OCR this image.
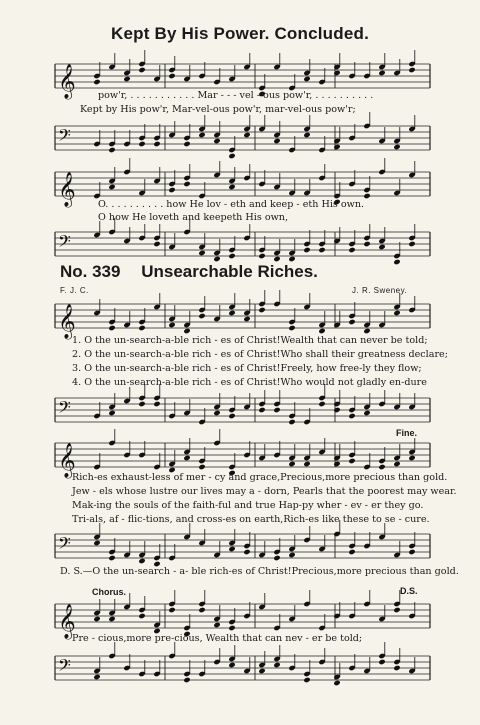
Kept By His Power. Concluded.
𝄞 pow'r, . . . . . . . . . . . Mar - - - vel - ous pow'r, . . . . . . . . . .
Kept by His pow'r, Mar-vel-ous pow'r, mar-vel-ous pow'r;
𝄢
𝄞 O. . . . . . . . . . how He lov - eth and keep - eth His own.
O how He loveth and keepeth His own,
𝄢
No. 339 Unsearchable Riches.
F. J. C.	J. R. Sweney.
𝄞
1. O the un-search-a-ble rich - es of Christ!Wealth that can never be told;
2. O the un-search-a-ble rich - es of Christ!Who shall their greatness declare;
3. O the un-search-a-ble rich - es of Christ!Freely, how free-ly they flow;
4. O the un-search-a-ble rich - es of Christ!Who would not gladly en-dure
𝄢
Fine.
𝄞
Rich-es exhaust-less of mer - cy and grace,Precious,more precious than gold.
Jew - els whose lustre our lives may a - dorn, Pearls that the poorest may wear.
Mak-ing the souls of the faith-ful and true Hap-py wher - ev - er they go.
Tri-als, af - flic-tions, and cross-es on earth,Rich-es like these to se - cure.
𝄢
D. S.—O the un-search - a- ble rich-es of Christ!Precious,more precious than gold.
Chorus.	D.S.
𝄞
Pre - cious,more pre-cious, Wealth that can nev - er be told;
𝄢
